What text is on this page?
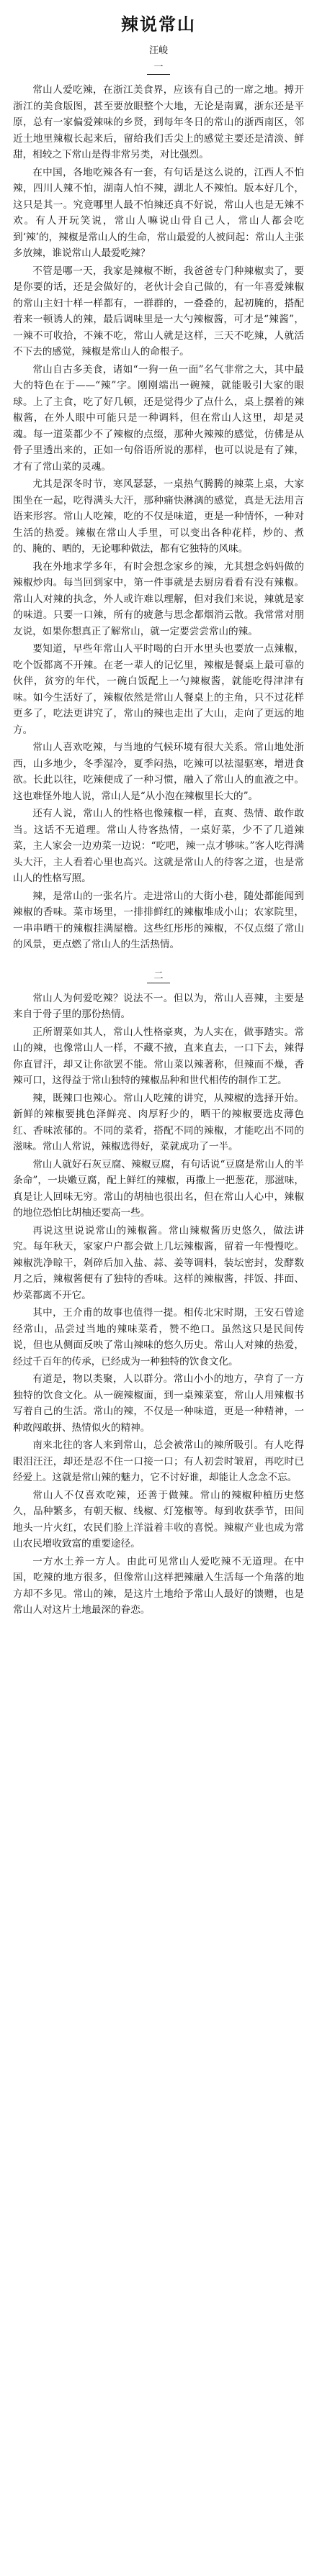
辣说常山
汪峻
一

常山人爱吃辣，在浙江美食界，应该有自己的一席之地。搏开浙江的美食版图，甚至要放眼整个大地，无论是南翼，浙东还是平原，总有一家偏爱辣味的乡贤，到每年冬日的常山的浙西南区，邻近土地里辣椒长起来后，留给我们舌尖上的感觉主要还是清淡、鲜甜，相较之下常山是得非常另类，对比强烈。

在中国，各地吃辣各有一套，有句话是这么说的，江西人不怕辣，四川人辣不怕，湖南人怕不辣，湖北人不辣怕。版本好几个，这只是其一。究竟哪里人最不怕辣还真不好说，常山人也是无辣不欢。有人开玩笑说，常山人嘛说山骨自己人，常山人都会吃到‘辣’的，辣椒是常山人的生命，常山最爱的人被问起：常山人主张多放辣，谁说常山人最爱吃辣？

不管是哪一天，我家是辣椒不断，我爸爸专门种辣椒卖了，要是你要的话，还是会做好的，老伙计会自己做的，有一年喜爱辣椒的常山主妇十样一样都有，一群群的，一叠叠的，起初腌的，搭配着来一顿诱人的辣，最后调味里是一大勺辣椒酱，可才是“辣酱”，一辣不可收拾，不辣不吃，常山人就是这样，三天不吃辣，人就活不下去的感觉，辣椒是常山人的命根子。

常山自古多美食，诸如“一狗一鱼一面”名气非常之大，其中最大的特色在于——“辣”字。刚刚端出一碗辣，就能吸引大家的眼球。上了主食，吃了好几顿，还是觉得少了点什么，桌上摆着的辣椒酱，在外人眼中可能只是一种调料，但在常山人这里，却是灵魂。每一道菜都少不了辣椒的点缀，那种火辣辣的感觉，仿佛是从骨子里透出来的，正如一句俗语所说的那样，也可以说是有了辣，才有了常山菜的灵魂。

尤其是深冬时节，寒风瑟瑟，一桌热气腾腾的辣菜上桌，大家围坐在一起，吃得满头大汗，那种痛快淋漓的感觉，真是无法用言语来形容。常山人吃辣，吃的不仅是味道，更是一种情怀，一种对生活的热爱。辣椒在常山人手里，可以变出各种花样，炒的、煮的、腌的、晒的，无论哪种做法，都有它独特的风味。

我在外地求学多年，有时会想念家乡的辣，尤其想念妈妈做的辣椒炒肉。每当回到家中，第一件事就是去厨房看看有没有辣椒。常山人对辣的执念，外人或许难以理解，但对我们来说，辣就是家的味道。只要一口辣，所有的疲惫与思念都烟消云散。我常常对朋友说，如果你想真正了解常山，就一定要尝尝常山的辣。

要知道，早些年常山人平时喝的白开水里头也要放一点辣椒，吃个饭都离不开辣。在老一辈人的记忆里，辣椒是餐桌上最可靠的伙伴，贫穷的年代，一碗白饭配上一勺辣椒酱，就能吃得津津有味。如今生活好了，辣椒依然是常山人餐桌上的主角，只不过花样更多了，吃法更讲究了，常山的辣也走出了大山，走向了更远的地方。

常山人喜欢吃辣，与当地的气候环境有很大关系。常山地处浙西，山多地少，冬季湿冷，夏季闷热，吃辣可以祛湿驱寒，增进食欲。长此以往，吃辣便成了一种习惯，融入了常山人的血液之中。这也难怪外地人说，常山人是“从小泡在辣椒里长大的”。

还有人说，常山人的性格也像辣椒一样，直爽、热情、敢作敢当。这话不无道理。常山人待客热情，一桌好菜，少不了几道辣菜，主人家会一边劝菜一边说：“吃吧，辣一点才够味。”客人吃得满头大汗，主人看着心里也高兴。这就是常山人的待客之道，也是常山人的性格写照。

辣，是常山的一张名片。走进常山的大街小巷，随处都能闻到辣椒的香味。菜市场里，一排排鲜红的辣椒堆成小山；农家院里，一串串晒干的辣椒挂满屋檐。这些红彤彤的辣椒，不仅点缀了常山的风景，更点燃了常山人的生活热情。

二

常山人为何爱吃辣？说法不一。但以为，常山人喜辣，主要是来自于骨子里的那份热情。

正所谓菜如其人，常山人性格豪爽，为人实在，做事踏实。常山的辣，也像常山人一样，不藏不掖，直来直去，一口下去，辣得你直冒汗，却又让你欲罢不能。常山菜以辣著称，但辣而不燥，香辣可口，这得益于常山独特的辣椒品种和世代相传的制作工艺。

辣，既辣口也辣心。常山人吃辣的讲究，从辣椒的选择开始。新鲜的辣椒要挑色泽鲜亮、肉厚籽少的，晒干的辣椒要选皮薄色红、香味浓郁的。不同的菜肴，搭配不同的辣椒，才能吃出不同的滋味。常山人常说，辣椒选得好，菜就成功了一半。

常山人就好石灰豆腐、辣椒豆腐，有句话说“豆腐是常山人的半条命”，一块嫩豆腐，配上鲜红的辣椒，再撒上一把葱花，那滋味，真是让人回味无穷。常山的胡柚也很出名，但在常山人心中，辣椒的地位恐怕比胡柚还要高一些。

再说这里说说常山的辣椒酱。常山辣椒酱历史悠久，做法讲究。每年秋天，家家户户都会做上几坛辣椒酱，留着一年慢慢吃。辣椒洗净晾干，剁碎后加入盐、蒜、姜等调料，装坛密封，发酵数月之后，辣椒酱便有了独特的香味。这样的辣椒酱，拌饭、拌面、炒菜都离不开它。

其中，王介甫的故事也值得一提。相传北宋时期，王安石曾途经常山，品尝过当地的辣味菜肴，赞不绝口。虽然这只是民间传说，但也从侧面反映了常山辣味的悠久历史。常山人对辣的热爱，经过千百年的传承，已经成为一种独特的饮食文化。

有道是，物以类聚，人以群分。常山小小的地方，孕育了一方独特的饮食文化。从一碗辣椒面，到一桌辣菜宴，常山人用辣椒书写着自己的生活。常山的辣，不仅是一种味道，更是一种精神，一种敢闯敢拼、热情似火的精神。

南来北往的客人来到常山，总会被常山的辣所吸引。有人吃得眼泪汪汪，却还是忍不住一口接一口；有人初尝时皱眉，再吃时已经爱上。这就是常山辣的魅力，它不讨好谁，却能让人念念不忘。

常山人不仅喜欢吃辣，还善于做辣。常山的辣椒种植历史悠久，品种繁多，有朝天椒、线椒、灯笼椒等。每到收获季节，田间地头一片火红，农民们脸上洋溢着丰收的喜悦。辣椒产业也成为常山农民增收致富的重要途径。

一方水土养一方人。由此可见常山人爱吃辣不无道理。在中国，吃辣的地方很多，但像常山这样把辣融入生活每一个角落的地方却不多见。常山的辣，是这片土地给予常山人最好的馈赠，也是常山人对这片土地最深的眷恋。
